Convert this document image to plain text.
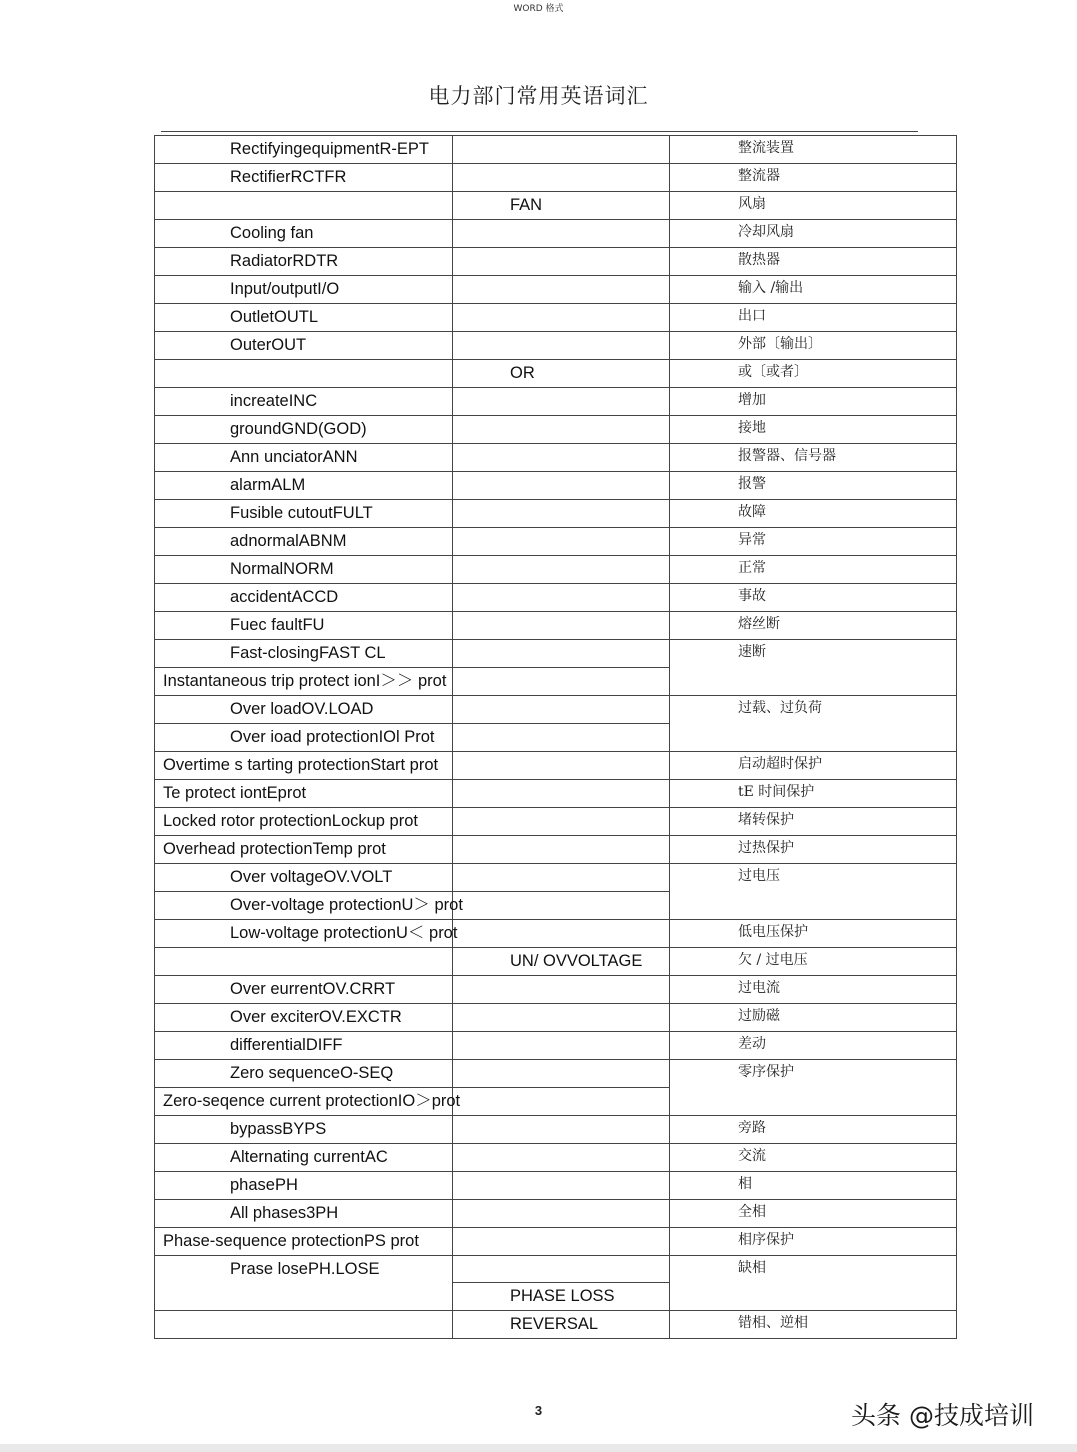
WORD 格式
电力部门常用英语词汇
RectifyingequipmentR-EPT		整流装置

RectifierRCTFR		整流器

	FAN	风扇

Cooling fan		冷却风扇

RadiatorRDTR		散热器

Input/outputI/O		输入 /输出

OutletOUTL		出口

OuterOUT		外部〔输出〕

	OR	或〔或者〕

increateINC		增加

groundGND(GOD)		接地

Ann unciatorANN		报警器、信号器

alarmALM		报警

Fusible cutoutFULT		故障

adnormalABNM		异常

NormalNORM		正常

accidentACCD		事故

Fuec faultFU		熔丝断

Fast-closingFAST CL		速断

Instantaneous trip protect ionI＞＞ prot		

Over loadOV.LOAD		过载、过负荷

Over ioad protectionIOl Prot		

Overtime s tarting protectionStart prot		启动超时保护

Te protect iontEprot		tE 时间保护

Locked rotor protectionLockup prot		堵转保护

Overhead protectionTemp prot		过热保护

Over voltageOV.VOLT		过电压

Over-voltage protectionU＞ prot		

Low-voltage protectionU＜ prot		低电压保护

	UN/ OVVOLTAGE	欠 / 过电压

Over eurrentOV.CRRT		过电流

Over exciterOV.EXCTR		过励磁

differentialDIFF		差动

Zero sequenceO-SEQ		零序保护

Zero-seqence current protectionIO＞prot		

bypassBYPS		旁路

Alternating currentAC		交流

phasePH		相

All phases3PH		全相

Phase-sequence protectionPS prot		相序保护

Prase losePH.LOSE		缺相

	PHASE LOSS	

	REVERSAL	错相、逆相
3	头条 @技成培训
